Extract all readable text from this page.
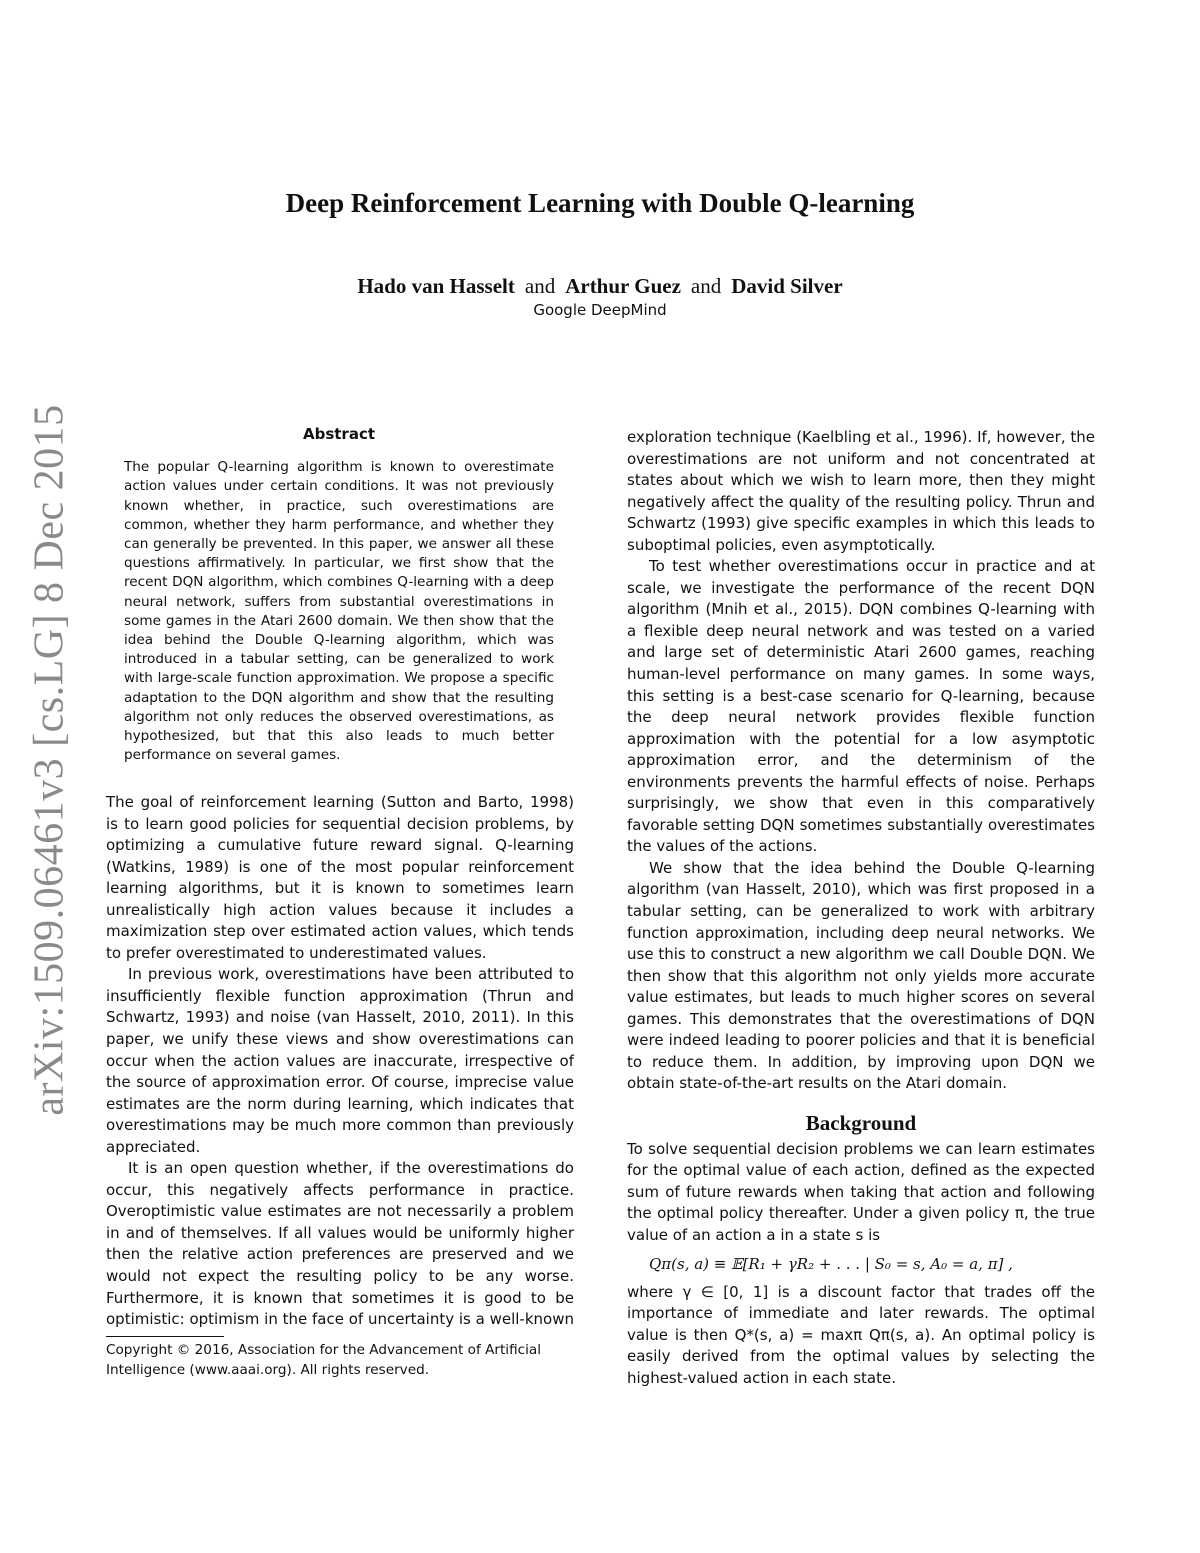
arXiv:1509.06461v3 [cs.LG] 8 Dec 2015
Deep Reinforcement Learning with Double Q-learning
Hado van Hasselt and Arthur Guez and David Silver
Google DeepMind
Abstract

The popular Q-learning algorithm is known to overestimate action values under certain conditions. It was not previously known whether, in practice, such overestimations are common, whether they harm performance, and whether they can generally be prevented. In this paper, we answer all these questions affirmatively. In particular, we first show that the recent DQN algorithm, which combines Q-learning with a deep neural network, suffers from substantial overestimations in some games in the Atari 2600 domain. We then show that the idea behind the Double Q-learning algorithm, which was introduced in a tabular setting, can be generalized to work with large-scale function approximation. We propose a specific adaptation to the DQN algorithm and show that the resulting algorithm not only reduces the observed overestimations, as hypothesized, but that this also leads to much better performance on several games.

The goal of reinforcement learning (Sutton and Barto, 1998) is to learn good policies for sequential decision problems, by optimizing a cumulative future reward signal. Q-learning (Watkins, 1989) is one of the most popular reinforcement learning algorithms, but it is known to sometimes learn unrealistically high action values because it includes a maximization step over estimated action values, which tends to prefer overestimated to underestimated values.

In previous work, overestimations have been attributed to insufficiently flexible function approximation (Thrun and Schwartz, 1993) and noise (van Hasselt, 2010, 2011). In this paper, we unify these views and show overestimations can occur when the action values are inaccurate, irrespective of the source of approximation error. Of course, imprecise value estimates are the norm during learning, which indicates that overestimations may be much more common than previously appreciated.

It is an open question whether, if the overestimations do occur, this negatively affects performance in practice. Overoptimistic value estimates are not necessarily a problem in and of themselves. If all values would be uniformly higher then the relative action preferences are preserved and we would not expect the resulting policy to be any worse. Furthermore, it is known that sometimes it is good to be optimistic: optimism in the face of uncertainty is a well-known

Copyright © 2016, Association for the Advancement of Artificial Intelligence (www.aaai.org). All rights reserved.

exploration technique (Kaelbling et al., 1996). If, however, the overestimations are not uniform and not concentrated at states about which we wish to learn more, then they might negatively affect the quality of the resulting policy. Thrun and Schwartz (1993) give specific examples in which this leads to suboptimal policies, even asymptotically.

To test whether overestimations occur in practice and at scale, we investigate the performance of the recent DQN algorithm (Mnih et al., 2015). DQN combines Q-learning with a flexible deep neural network and was tested on a varied and large set of deterministic Atari 2600 games, reaching human-level performance on many games. In some ways, this setting is a best-case scenario for Q-learning, because the deep neural network provides flexible function approximation with the potential for a low asymptotic approximation error, and the determinism of the environments prevents the harmful effects of noise. Perhaps surprisingly, we show that even in this comparatively favorable setting DQN sometimes substantially overestimates the values of the actions.

We show that the idea behind the Double Q-learning algorithm (van Hasselt, 2010), which was first proposed in a tabular setting, can be generalized to work with arbitrary function approximation, including deep neural networks. We use this to construct a new algorithm we call Double DQN. We then show that this algorithm not only yields more accurate value estimates, but leads to much higher scores on several games. This demonstrates that the overestimations of DQN were indeed leading to poorer policies and that it is beneficial to reduce them. In addition, by improving upon DQN we obtain state-of-the-art results on the Atari domain.

Background

To solve sequential decision problems we can learn estimates for the optimal value of each action, defined as the expected sum of future rewards when taking that action and following the optimal policy thereafter. Under a given policy π, the true value of an action a in a state s is

Qπ(s, a) ≡ 𝔼[R₁ + γR₂ + . . . | S₀ = s, A₀ = a, π] ,

where γ ∈ [0, 1] is a discount factor that trades off the importance of immediate and later rewards. The optimal value is then Q*(s, a) = maxπ Qπ(s, a). An optimal policy is easily derived from the optimal values by selecting the highest-valued action in each state.
